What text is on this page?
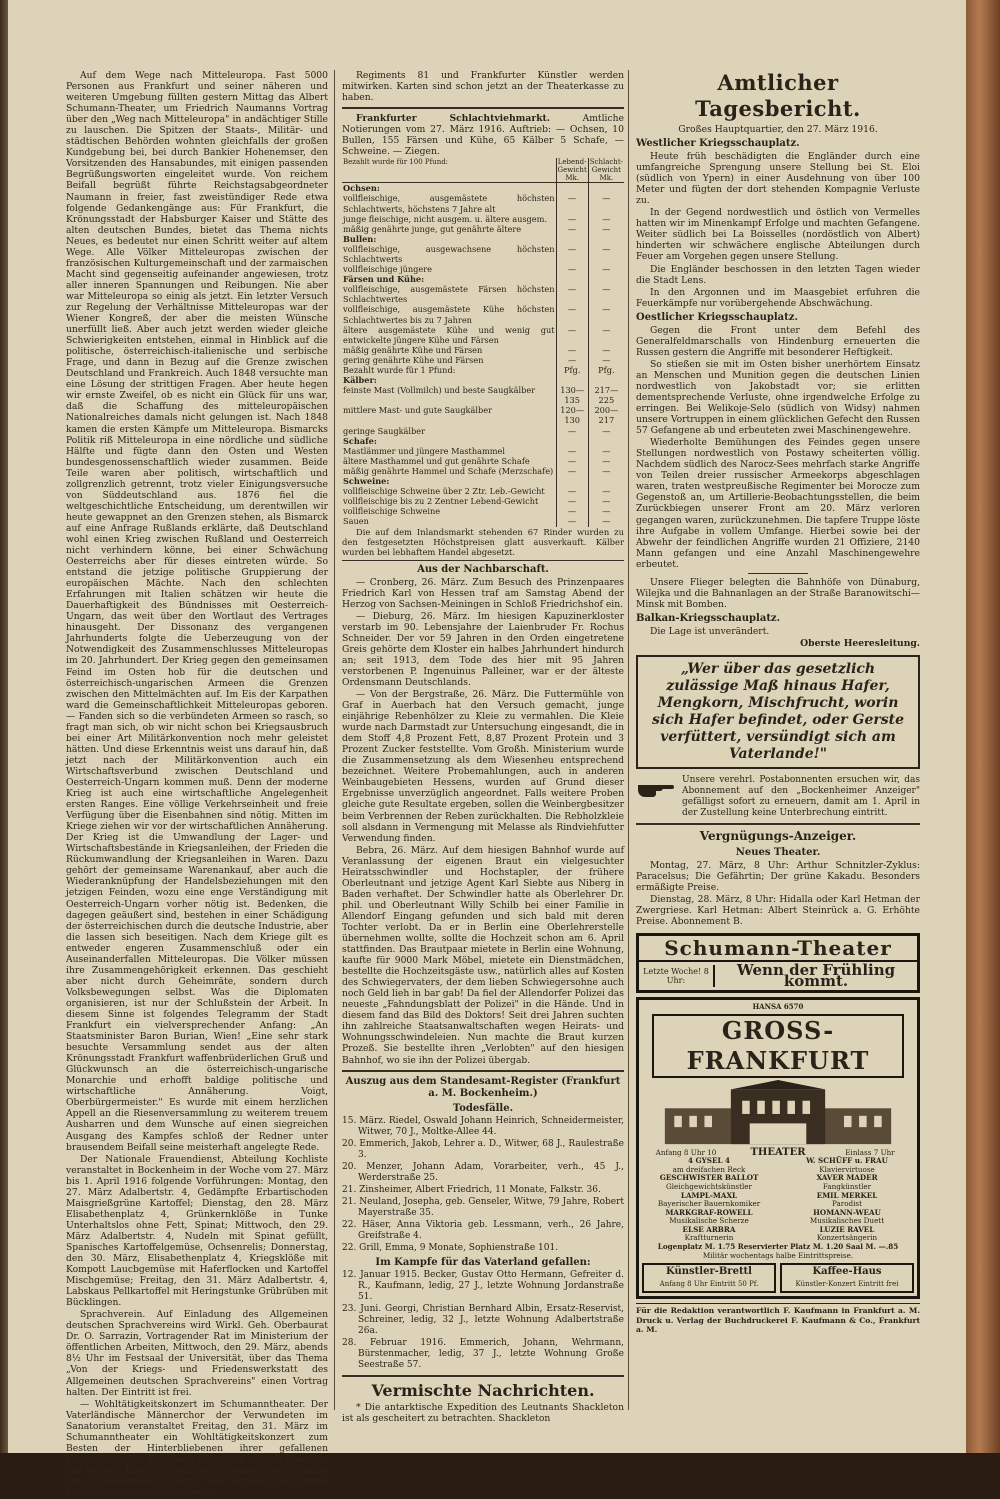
Auf dem Wege nach Mitteleuropa. Fast 5000 Personen aus Frankfurt und seiner näheren und weiteren Umgebung füllten gestern Mittag das Albert Schumann-Theater, um Friedrich Naumanns Vortrag über den „Weg nach Mitteleuropa" in andächtiger Stille zu lauschen. Die Spitzen der Staats-, Militär- und städtischen Behörden wohnten gleichfalls der großen Kundgebung bei, bei durch Bankier Hohenemser, den Vorsitzenden des Hansabundes, mit einigen passenden Begrüßungsworten eingeleitet wurde. Von reichem Beifall begrüßt führte Reichstagsabgeordneter Naumann in freier, fast zweistündiger Rede etwa folgende Gedankengänge aus: Für Frankfurt, die Krönungsstadt der Habsburger Kaiser und Stätte des alten deutschen Bundes, bietet das Thema nichts Neues, es bedeutet nur einen Schritt weiter auf altem Wege. Alle Völker Mitteleuropas zwischen der französischen Kulturgemeinschaft und der zarmaischen Macht sind gegenseitig aufeinander angewiesen, trotz aller inneren Spannungen und Reibungen. Nie aber war Mitteleuropa so einig als jetzt. Ein letzter Versuch zur Regelung der Verhältnisse Mitteleuropas war der Wiener Kongreß, der aber die meisten Wünsche unerfüllt ließ. Aber auch jetzt werden wieder gleiche Schwierigkeiten entstehen, einmal in Hinblick auf die politische, österreichisch-italienische und serbische Frage, und dann in Bezug auf die Grenze zwischen Deutschland und Frankreich. Auch 1848 versuchte man eine Lösung der strittigen Fragen. Aber heute hegen wir ernste Zweifel, ob es nicht ein Glück für uns war, daß die Schaffung des mitteleuropäischen Nationalreiches damals nicht gelungen ist. Nach 1848 kamen die ersten Kämpfe um Mitteleuropa. Bismarcks Politik riß Mitteleuropa in eine nördliche und südliche Hälfte und fügte dann den Osten und Westen bundesgenossenschaftlich wieder zusammen. Beide Teile waren aber politisch, wirtschaftlich und zollgrenzlich getrennt, trotz vieler Einigungsversuche von Süddeutschland aus. 1876 fiel die weltgeschichtliche Entscheidung, um derentwillen wir heute gewappnet an den Grenzen stehen, als Bismarck auf eine Anfrage Rußlands erklärte, daß Deutschland wohl einen Krieg zwischen Rußland und Oesterreich nicht verhindern könne, bei einer Schwächung Oesterreichs aber für dieses eintreten würde. So entstand die jetzige politische Gruppierung der europäischen Mächte. Nach den schlechten Erfahrungen mit Italien schätzen wir heute die Dauerhaftigkeit des Bündnisses mit Oesterreich-Ungarn, das weit über den Wortlaut des Vertrages hinausgeht. Der Dissonanz des vergangenen Jahrhunderts folgte die Ueberzeugung von der Notwendigkeit des Zusammenschlusses Mitteleuropas im 20. Jahrhundert. Der Krieg gegen den gemeinsamen Feind im Osten hob für die deutschen und österreichisch-ungarischen Armeen die Grenzen zwischen den Mittelmächten auf. Im Eis der Karpathen ward die Gemeinschaftlichkeit Mitteleuropas geboren. — Fanden sich so die verbündeten Armeen so rasch, so fragt man sich, ob wir nicht schon bei Kriegsausbruch bei einer Art Militärkonvention noch mehr geleistet hätten. Und diese Erkenntnis weist uns darauf hin, daß jetzt nach der Militärkonvention auch ein Wirtschaftsverbund zwischen Deutschland und Oesterreich-Ungarn kommen muß. Denn der moderne Krieg ist auch eine wirtschaftliche Angelegenheit ersten Ranges. Eine völlige Verkehrseinheit und freie Verfügung über die Eisenbahnen sind nötig. Mitten im Kriege ziehen wir vor der wirtschaftlichen Annäherung. Der Krieg ist die Umwandlung der Lager- und Wirtschaftsbestände in Kriegsanleihen, der Frieden die Rückumwandlung der Kriegsanleihen in Waren. Dazu gehört der gemeinsame Warenankauf, aber auch die Wiederanknüpfung der Handelsbeziehungen mit den jetzigen Feinden, wozu eine enge Verständigung mit Oesterreich-Ungarn vorher nötig ist. Bedenken, die dagegen geäußert sind, bestehen in einer Schädigung der österreichischen durch die deutsche Industrie, aber die lassen sich beseitigen. Nach dem Kriege gilt es entweder engeren Zusammenschluß oder ein Auseinanderfallen Mitteleuropas. Die Völker müssen ihre Zusammengehörigkeit erkennen. Das geschieht aber nicht durch Geheimräte, sondern durch Volksbewegungen selbst. Was die Diplomaten organisieren, ist nur der Schlußstein der Arbeit. In diesem Sinne ist folgendes Telegramm der Stadt Frankfurt ein vielversprechender Anfang: „An Staatsminister Baron Burian, Wien! „Eine sehr stark besuchte Versammlung sendet aus der alten Krönungsstadt Frankfurt waffenbrüderlichen Gruß und Glückwunsch an die österreichisch-ungarische Monarchie und erhofft baldige politische und wirtschaftliche Annäherung. Voigt, Oberbürgermeister." Es wurde mit einem herzlichen Appell an die Riesenversammlung zu weiterem treuem Ausharren und dem Wunsche auf einen siegreichen Ausgang des Kampfes schloß der Redner unter brausendem Beifall seine meisterhaft angelegte Rede.

Der Nationale Frauendienst, Abteilung Kochliste veranstaltet in Bockenheim in der Woche vom 27. März bis 1. April 1916 folgende Vorführungen: Montag, den 27. März Adalbertstr. 4, Gedämpfte Erbartischoden Maisgrießgrüne Kartoffel; Dienstag, den 28. März Elisabethenplatz 4, Grünkernklöße in Tunke Unterhaltslos ohne Fett, Spinat; Mittwoch, den 29. März Adalbertstr. 4, Nudeln mit Spinat gefüllt, Spanisches Kartoffelgemüse, Ochsenrelis; Donnerstag, den 30. März, Elisabethenplatz 4, Kriegsklöße mit Kompott Laucbgemüse mit Haferflocken und Kartoffel Mischgemüse; Freitag, den 31. März Adalbertstr. 4, Labskaus Pellkartoffel mit Heringstunke Grübrüben mit Bücklingen.

Sprachverein. Auf Einladung des Allgemeinen deutschen Sprachvereins wird Wirkl. Geh. Oberbaurat Dr. O. Sarrazin, Vortragender Rat im Ministerium der öffentlichen Arbeiten, Mittwoch, den 29. März, abends 8½ Uhr im Festsaal der Universität, über das Thema „Von der Kriegs- und Friedenswerkstatt des Allgemeinen deutschen Sprachvereins" einen Vortrag halten. Der Eintritt ist frei.

— Wohltätigkeitskonzert im Schumanntheater. Der Vaterländische Männerchor der Verwundeten im Sanatorium veranstaltet Freitag, den 31. März im Schumanntheater ein Wohltätigkeitskonzert zum Besten der Hinterbliebenen ihrer gefallenen Kameraden vom Regiment 81 in den letzten Kämpfen vor Verdun. Etwa 150 feldgraue Sänger unter Leitung von Musikdirektor Specht, die Kapelle des ersten Ersatzbataillons des Infanterie-

Regiments 81 und Frankfurter Künstler werden mitwirken. Karten sind schon jetzt an der Theaterkasse zu haben.

Frankfurter Schlachtviehmarkt.	Amtliche Notierungen vom 27. März 1916. Auftrieb: — Ochsen, 10 Bullen, 155 Färsen und Kühe, 65 Kälber 5 Schafe, — Schweine. — Ziegen.

Bezahlt wurde für 100 Pfund:	Lebend-Gewicht Mk.	Schlacht-Gewicht Mk.
Ochsen:		
vollfleischige, ausgemästete höchsten Schlachtwerts, höchstens 7 Jahre alt	—	—
junge fleischige, nicht ausgem. u. ältere ausgem.	—	—
mäßig genährte junge, gut genährte ältere	—	—
Bullen:		
vollfleischige, ausgewachsene höchsten Schlachtwerts	—	—
vollfleischige jüngere	—	—
Färsen und Kühe:		
vollfleischige, ausgemästete Färsen höchsten Schlachtwertes	—	—
vollfleischige, ausgemästete Kühe höchsten Schlachtwertes bis zu 7 Jahren	—	—
ältere ausgemästete Kühe und wenig gut entwickelte jüngere Kühe und Färsen	—	—
mäßig genährte Kühe und Färsen	—	—
gering genährte Kühe und Färsen	—	—
Bezahlt wurde für 1 Pfund:	Pfg.	Pfg.
Kälber:		
feinste Mast (Vollmilch) und beste Saugkälber	130—135	217—225
mittlere Mast- und gute Saugkälber	120—130	200—217
geringe Saugkälber	—	—
Schafe:		
Mastlämmer und jüngere Masthammel	—	—
ältere Masthammel und gut genährte Schafe	—	—
mäßig genährte Hammel und Schafe (Merzschafe)	—	—
Schweine:		
vollfleischige Schweine über 2 Ztr. Leb.-Gewicht	—	—
vollfleischige bis zu 2 Zentner Lebend-Gewicht	—	—
vollfleischige Schweine	—	—
Sauen	—	—

Die auf dem Inlandsmarkt stehenden 67 Rinder wurden zu den festgesetzten Höchstpreisen glatt ausverkauft. Kälber wurden bei lebhaftem Handel abgesetzt.

Aus der Nachbarschaft.

— Cronberg, 26. März. Zum Besuch des Prinzenpaares Friedrich Karl von Hessen traf am Samstag Abend der Herzog von Sachsen-Meiningen in Schloß Friedrichshof ein.

— Dieburg, 26. März. Im hiesigen Kapuzinerkloster verstarb im 90. Lebensjahre der Laienbruder Fr. Rochus Schneider. Der vor 59 Jahren in den Orden eingetretene Greis gehörte dem Kloster ein halbes Jahrhundert hindurch an; seit 1913, dem Tode des hier mit 95 Jahren verstorbenen P. Ingenuinus Palleiner, war er der älteste Ordensmann Deutschlands.

— Von der Bergstraße, 26. März. Die Futtermühle von Graf in Auerbach hat den Versuch gemacht, junge einjährige Rebenhölzer zu Kleie zu vermahlen. Die Kleie wurde nach Darmstadt zur Untersuchung eingesandt, die in dem Stoff 4,8 Prozent Fett, 8,87 Prozent Protein und 3 Prozent Zucker feststellte. Vom Großh. Ministerium wurde die Zusammensetzung als dem Wiesenheu entsprechend bezeichnet. Weitere Probemahlungen, auch in anderen Weinbaugebieten Hessens, wurden auf Grund dieser Ergebnisse unverzüglich angeordnet. Falls weitere Proben gleiche gute Resultate ergeben, sollen die Weinbergbesitzer beim Verbrennen der Reben zurückhalten. Die Rebholzkleie soll alsdann in Vermengung mit Melasse als Rindviehfutter Verwendung finden.

Bebra, 26. März. Auf dem hiesigen Bahnhof wurde auf Veranlassung der eigenen Braut ein vielgesuchter Heiratsschwindler und Hochstapler, der frühere Oberleutnant und jetzige Agent Karl Siebte aus Niberg in Baden verhaftet. Der Schwindler hatte als Oberlehrer Dr. phil. und Oberleutnant Willy Schilb bei einer Familie in Allendorf Eingang gefunden und sich bald mit deren Tochter verlobt. Da er in Berlin eine Oberlehrerstelle übernehmen wollte, sollte die Hochzeit schon am 6. April stattfinden. Das Brautpaar mietete in Berlin eine Wohnung, kaufte für 9000 Mark Möbel, mietete ein Dienstmädchen, bestellte die Hochzeitsgäste usw., natürlich alles auf Kosten des Schwiegervaters, der dem lieben Schwiegersohne auch noch Geld lieh in bar gab! Da fiel der Allendorfer Polizei das neueste „Fahndungsblatt der Polizei" in die Hände. Und in diesem fand das Bild des Doktors! Seit drei Jahren suchten ihn zahlreiche Staatsanwaltschaften wegen Heirats- und Wohnungsschwindeleien. Nun machte die Braut kurzen Prozeß. Sie bestellte ihren „Verlobten" auf den hiesigen Bahnhof, wo sie ihn der Polizei übergab.

Auszug aus dem Standesamt-Register (Frankfurt a. M. Bockenheim.)
Todesfälle.
15. März. Riedel, Oswald Johann Heinrich, Schneidermeister, Witwer, 70 J., Moltke-Allee 44.
20. Emmerich, Jakob, Lehrer a. D., Witwer, 68 J., Raulestraße 3.
20. Menzer, Johann Adam, Vorarbeiter, verh., 45 J., Werderstraße 25.
21. Zinsheimer, Albert Friedrich, 11 Monate, Falkstr. 36.
21. Neuland, Josepha, geb. Genseler, Witwe, 79 Jahre, Robert Mayerstraße 35.
22. Häser, Anna Viktoria geb. Lessmann, verh., 26 Jahre, Greifstraße 4.
22. Grill, Emma, 9 Monate, Sophienstraße 101.
Im Kampfe für das Vaterland gefallen:
12. Januar 1915. Becker, Gustav Otto Hermann, Gefreiter d. R., Kaufmann, ledig, 27 J., letzte Wohnung Jordanstraße 51.
23. Juni. Georgi, Christian Bernhard Albin, Ersatz-Reservist, Schreiner, ledig, 32 J., letzte Wohnung Adalbertstraße 26a.
28. Februar 1916. Emmerich, Johann, Wehrmann, Bürstenmacher, ledig, 37 J., letzte Wohnung Große Seestraße 57.
Vermischte Nachrichten.

* Die antarktische Expedition des Leutnants Shackleton ist als gescheitert zu betrachten. Shackleton

Amtlicher Tagesbericht.

Großes Hauptquartier, den 27. März 1916.

Westlicher Kriegsschauplatz.

Heute früh beschädigten die Engländer durch eine umfangreiche Sprengung unsere Stellung bei St. Eloi (südlich von Ypern) in einer Ausdehnung von über 100 Meter und fügten der dort stehenden Kompagnie Verluste zu.

In der Gegend nordwestlich und östlich von Vermelles hatten wir im Minenkampf Erfolge und machten Gefangene. Weiter südlich bei La Boisselles (nordöstlich von Albert) hinderten wir schwächere englische Abteilungen durch Feuer am Vorgehen gegen unsere Stellung.

Die Engländer beschossen in den letzten Tagen wieder die Stadt Lens.

In den Argonnen und im Maasgebiet erfuhren die Feuerkämpfe nur vorübergehende Abschwächung.

Oestlicher Kriegsschauplatz.

Gegen die Front unter dem Befehl des Generalfeldmarschalls von Hindenburg erneuerten die Russen gestern die Angriffe mit besonderer Heftigkeit.

So stießen sie mit im Osten bisher unerhörtem Einsatz an Menschen und Munition gegen die deutschen Linien nordwestlich von Jakobstadt vor; sie erlitten dementsprechende Verluste, ohne irgendwelche Erfolge zu erringen. Bei Welikoje-Selo (südlich von Widsy) nahmen unsere Vortruppen in einem glücklichen Gefecht den Russen 57 Gefangene ab und erbeuteten zwei Maschinengewehre.

Wiederholte Bemühungen des Feindes gegen unsere Stellungen nordwestlich von Postawy scheiterten völlig. Nachdem südlich des Narocz-Sees mehrfach starke Angriffe von Teilen dreier russischer Armeekorps abgeschlagen waren, traten westpreußische Regimenter bei Morocze zum Gegenstoß an, um Artillerie-Beobachtungsstellen, die beim Zurückbiegen unserer Front am 20. März verloren gegangen waren, zurückzunehmen. Die tapfere Truppe löste ihre Aufgabe in vollem Umfange. Hierbei sowie bei der Abwehr der feindlichen Angriffe wurden 21 Offiziere, 2140 Mann gefangen und eine Anzahl Maschinengewehre erbeutet.

Unsere Flieger belegten die Bahnhöfe von Dünaburg, Wilejka und die Bahnanlagen an der Straße Baranowitschi—Minsk mit Bomben.

Balkan-Kriegsschauplatz.

Die Lage ist unverändert.

Oberste Heeresleitung.

„Wer über das gesetzlich zulässige Maß hinaus Hafer, Mengkorn, Mischfrucht, worin sich Hafer befindet, oder Gerste verfüttert, versündigt sich am Vaterlande!"
Unsere verehrl. Postabonnenten ersuchen wir, das Abonnement auf den „Bockenheimer Anzeiger" gefälligst sofort zu erneuern, damit am 1. April in der Zustellung keine Unterbrechung eintritt.
Vergnügungs-Anzeiger.
Neues Theater.

Montag, 27. März, 8 Uhr: Arthur Schnitzler-Zyklus: Paracelsus; Die Gefährtin; Der grüne Kakadu. Besonders ermäßigte Preise.

Dienstag, 28. März, 8 Uhr: Hidalla oder Karl Hetman der Zwergriese. Karl Hetman: Albert Steinrück a. G. Erhöhte Preise. Abonnement B.

Schumann-Theater
Letzte Woche! 8 Uhr:
Wenn der Frühling kommt.
HANSA 6570
GROSS-FRANKFURT
Anfang 8 Uhr 10	THEATER	Einlass 7 Uhr
4 GYSEL 4	W. SCHÜFF u. FRAU
am dreifachen Reck	Klaviervirtuose
GESCHWISTER BALLOT	XAVER MADER
Gleichgewichtskünstler	Fangkünstler
LAMPL-MAXL	EMIL MERKEL
Bayerischer Bauernkomiker	Parodist
MARKGRAF-ROWELL	HOMANN-WEAU
Musikalische Scherze	Musikalisches Duett
ELSE ARBRA	LUZIE RAVEL
Kraftturnerin	Konzertsängerin
Logenplatz M. 1.75 Reservierter Platz M. 1.20 Saal M. —.85
Militär wochentags halbe Eintrittspreise.
Künstler-Brettl
Anfang 8 Uhr Eintritt 50 Pf.
Kaffee-Haus
Künstler-Konzert Eintritt frei
Für die Redaktion verantwortlich F. Kaufmann in Frankfurt a. M. Druck u. Verlag der Buchdruckerei F. Kaufmann & Co., Frankfurt a. M.
